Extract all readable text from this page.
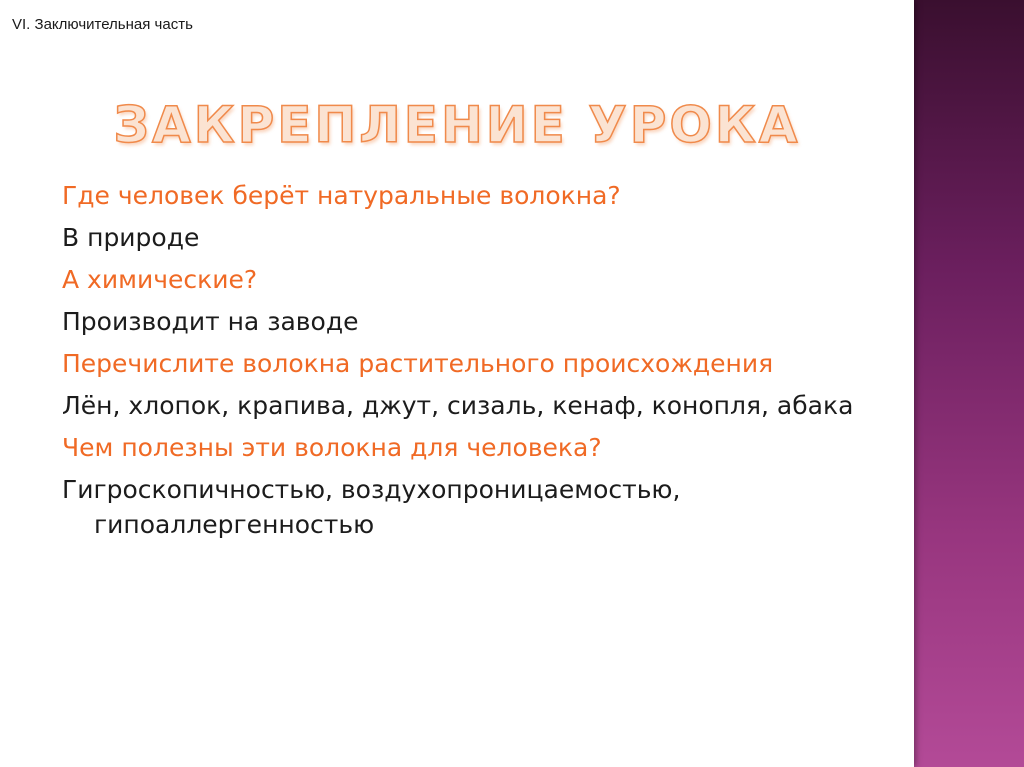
VI. Заключительная часть
ЗАКРЕПЛЕНИЕ УРОКА
Где человек берёт натуральные волокна?
В природе
А химические?
Производит на заводе
Перечислите волокна растительного происхождения
Лён, хлопок, крапива, джут, сизаль, кенаф, конопля, абака
Чем полезны эти волокна для человека?
Гигроскопичностью, воздухопроницаемостью, гипоаллергенностью
